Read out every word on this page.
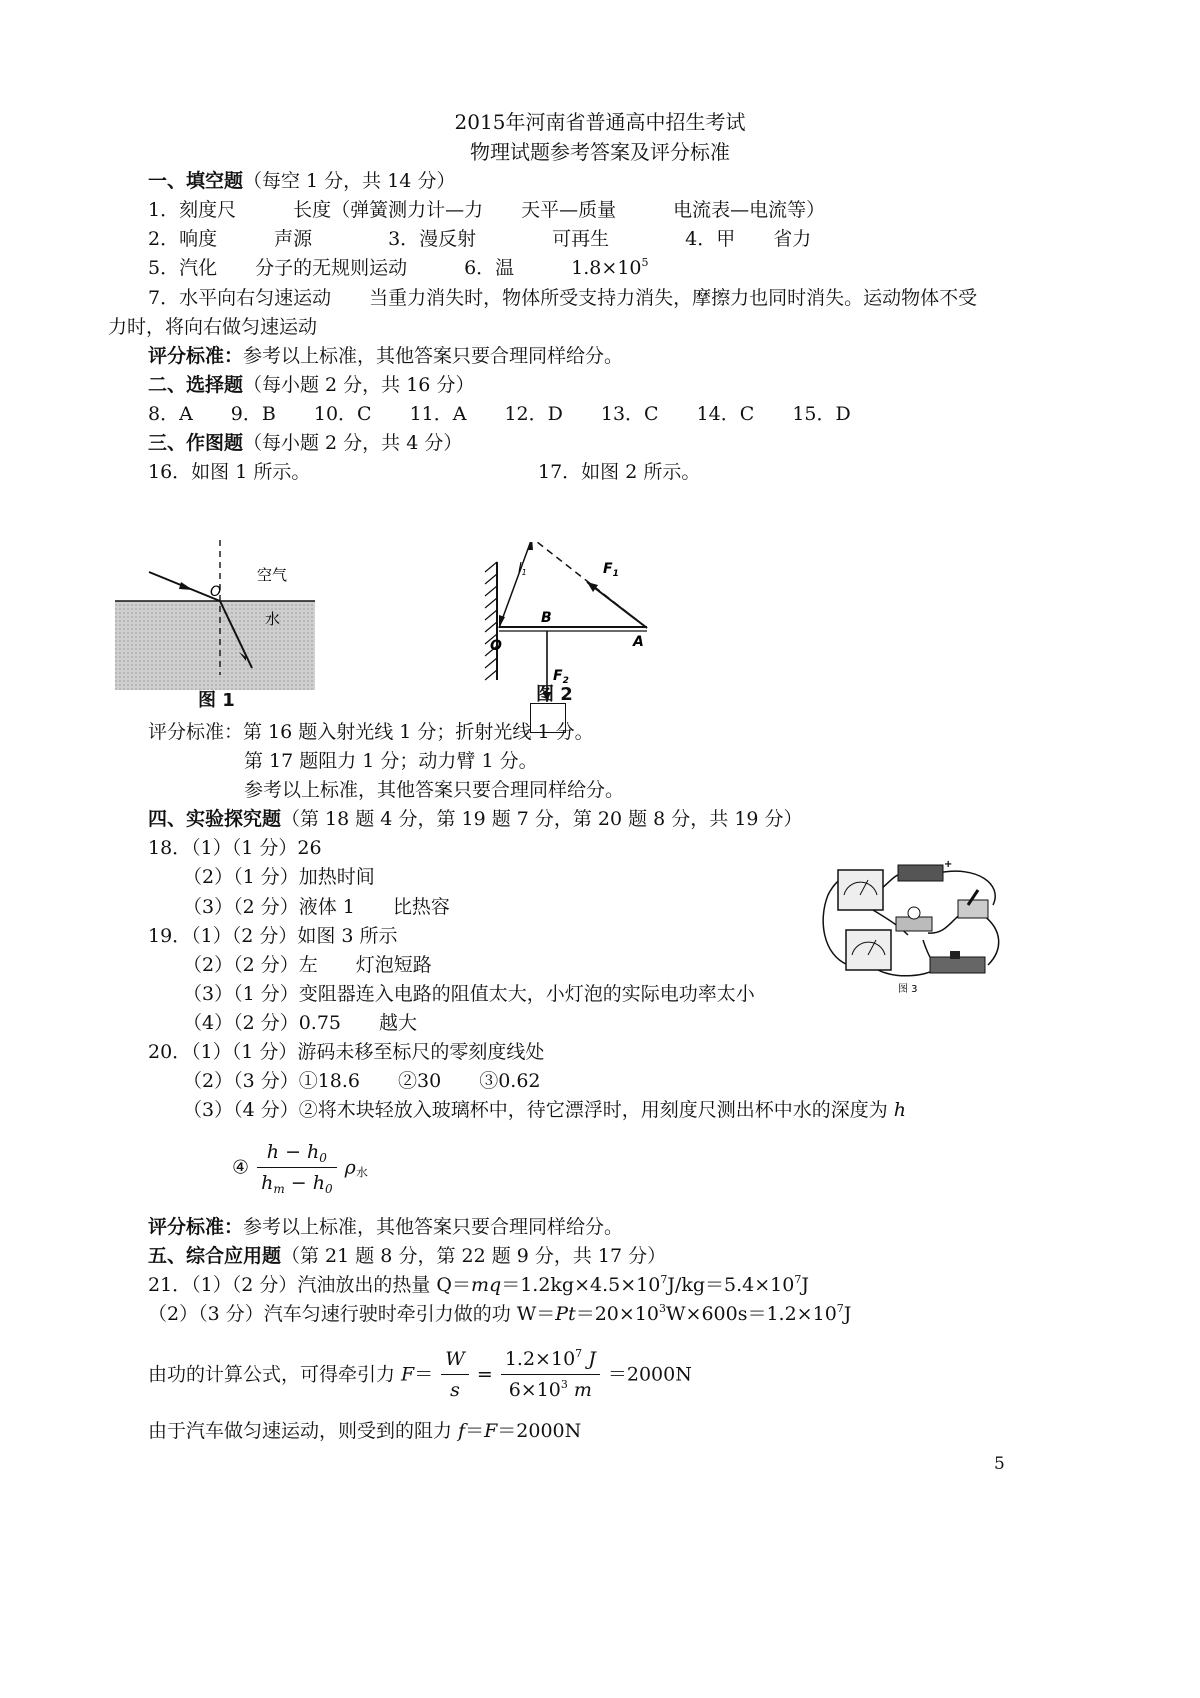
2015年河南省普通高中招生考试
物理试题参考答案及评分标准
一、填空题（每空 1 分，共 14 分）
1．刻度尺　　　长度（弹簧测力计—力　　天平—质量　　　电流表—电流等）
2．响度　　　声源　　　　3．漫反射　　　　可再生　　　　4．甲　　省力
5．汽化　　分子的无规则运动　　　6．温　　　$1.8\times 10^5$
7．水平向右匀速运动　　当重力消失时，物体所受支持力消失，摩擦力也同时消失。运动物体不受
力时，将向右做匀速运动
评分标准：参考以上标准，其他答案只要合理同样给分。
二、选择题（每小题 2 分，共 16 分）
8．A　　9．B　　10．C　　11．A　　12．D　　13．C　　14．C　　15．D
三、作图题（每小题 2 分，共 4 分）
16．如图 1 所示。	17．如图 2 所示。
O
空气
水
图 1
O
B
A
$F_1$
$l_1$
$F_2$
图 2
评分标准：第 16 题入射光线 1 分；折射光线 1 分。
第 17 题阻力 1 分；动力臂 1 分。
参考以上标准，其他答案只要合理同样给分。
四、实验探究题（第 18 题 4 分，第 19 题 7 分，第 20 题 8 分，共 19 分）
18．（1）（1 分）26
（2）（1 分）加热时间
（3）（2 分）液体 1　　比热容
19．（1）（2 分）如图 3 所示
（2）（2 分）左　　灯泡短路
（3）（1 分）变阻器连入电路的阻值太大，小灯泡的实际电功率太小
（4）（2 分）0.75　　越大
20．（1）（1 分）游码未移至标尺的零刻度线处
（2）（3 分）①18.6　　②30　　③0.62
（3）（4 分）②将木块轻放入玻璃杯中，待它漂浮时，用刻度尺测出杯中水的深度为 h
④ $\frac{h - h_0}{h_m - h_0} \rho_水$
+
图 3
评分标准：参考以上标准，其他答案只要合理同样给分。
五、综合应用题（第 21 题 8 分，第 22 题 9 分，共 17 分）
21．（1）（2 分）汽油放出的热量 $Q=mq=1.2kg\times 4.5\times 10^7J/kg=5.4\times 10^7J$
（2）（3 分）汽车匀速行驶时牵引力做的功 $W=Pt=20\times 10^3W\times 600s=1.2\times 10^7J$
由功的计算公式，可得牵引力 $F= \frac{W}{s} = \frac{1.2\times 10^7 J}{6\times 10^3 m} =2000N$
由于汽车做匀速运动，则受到的阻力 f＝F＝2000N
5
